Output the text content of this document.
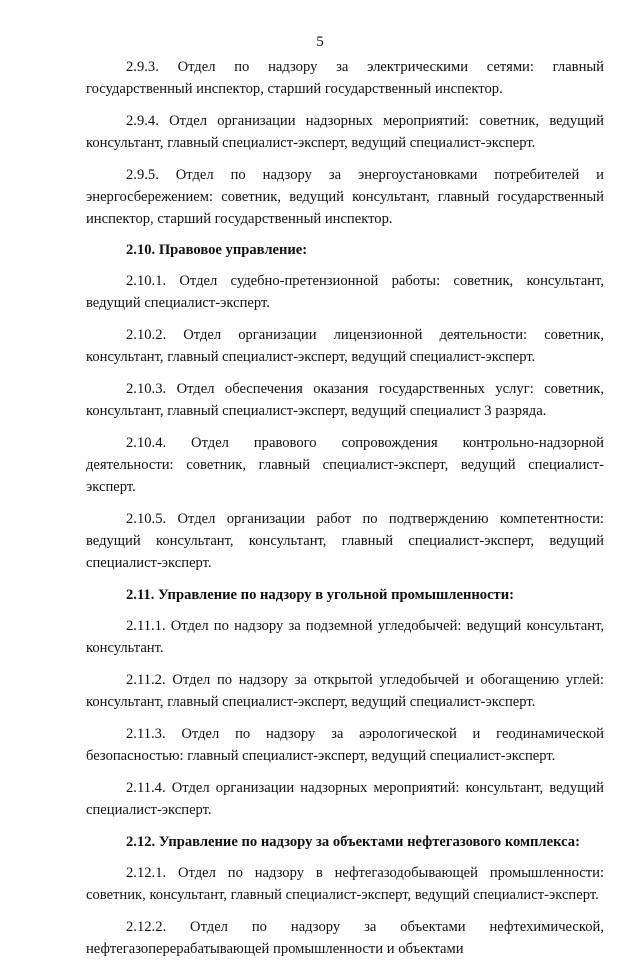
5

2.9.3. Отдел по надзору за электрическими сетями: главный государственный инспектор, старший государственный инспектор.

2.9.4. Отдел организации надзорных мероприятий: советник, ведущий консультант, главный специалист-эксперт, ведущий специалист-эксперт.

2.9.5. Отдел по надзору за энергоустановками потребителей и энергосбережением: советник, ведущий консультант, главный государственный инспектор, старший государственный инспектор.

2.10. Правовое управление:

2.10.1. Отдел судебно-претензионной работы: советник, консультант, ведущий специалист-эксперт.

2.10.2. Отдел организации лицензионной деятельности: советник, консультант, главный специалист-эксперт, ведущий специалист-эксперт.

2.10.3. Отдел обеспечения оказания государственных услуг: советник, консультант, главный специалист-эксперт, ведущий специалист 3 разряда.

2.10.4. Отдел правового сопровождения контрольно-надзорной деятельности: советник, главный специалист-эксперт, ведущий специалист-эксперт.

2.10.5. Отдел организации работ по подтверждению компетентности: ведущий консультант, консультант, главный специалист-эксперт, ведущий специалист-эксперт.

2.11. Управление по надзору в угольной промышленности:

2.11.1. Отдел по надзору за подземной угледобычей: ведущий консультант, консультант.

2.11.2. Отдел по надзору за открытой угледобычей и обогащению углей: консультант, главный специалист-эксперт, ведущий специалист-эксперт.

2.11.3. Отдел по надзору за аэрологической и геодинамической безопасностью: главный специалист-эксперт, ведущий специалист-эксперт.

2.11.4. Отдел организации надзорных мероприятий: консультант, ведущий специалист-эксперт.

2.12. Управление по надзору за объектами нефтегазового комплекса:

2.12.1. Отдел по надзору в нефтегазодобывающей промышленности: советник, консультант, главный специалист-эксперт, ведущий специалист-эксперт.

2.12.2. Отдел по надзору за объектами нефтехимической, нефтегазоперерабатывающей промышленности и объектами
